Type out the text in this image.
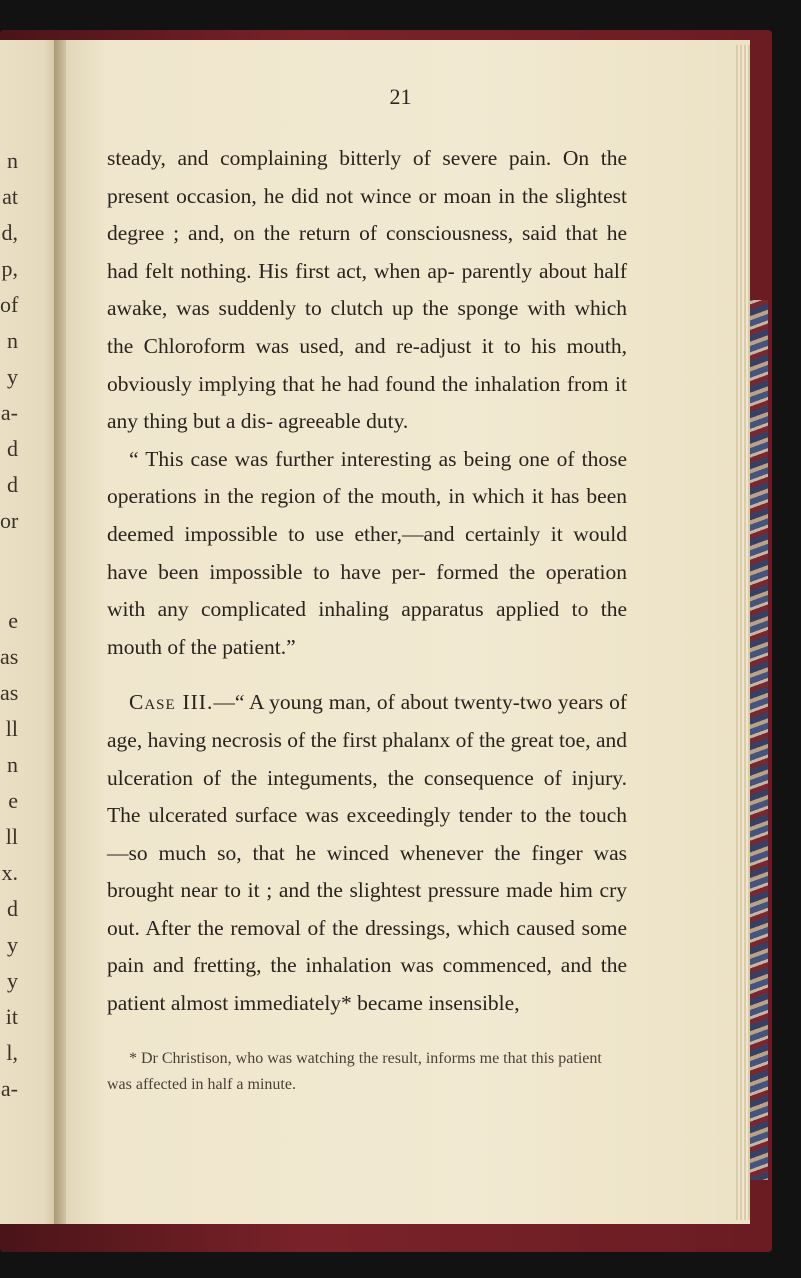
n
at
d,
p,
of
n
y
a-
d
d
or
e
as
as
ll
n
e
ll
x.
d
y
y
it
l,
a-
21

steady, and complaining bitterly of severe pain. On the present occasion, he did not wince or moan in the slightest degree ; and, on the return of consciousness, said that he had felt nothing. His first act, when ap- parently about half awake, was suddenly to clutch up the sponge with which the Chloroform was used, and re-adjust it to his mouth, obviously implying that he had found the inhalation from it any thing but a dis- agreeable duty.

“ This case was further interesting as being one of those operations in the region of the mouth, in which it has been deemed impossible to use ether,—and certainly it would have been impossible to have per- formed the operation with any complicated inhaling apparatus applied to the mouth of the patient.”

Case III.—“ A young man, of about twenty-two years of age, having necrosis of the first phalanx of the great toe, and ulceration of the integuments, the consequence of injury. The ulcerated surface was exceedingly tender to the touch—so much so, that he winced whenever the finger was brought near to it ; and the slightest pressure made him cry out. After the removal of the dressings, which caused some pain and fretting, the inhalation was commenced, and the patient almost immediately* became insensible,

* Dr Christison, who was watching the result, informs me that this patient was affected in half a minute.
